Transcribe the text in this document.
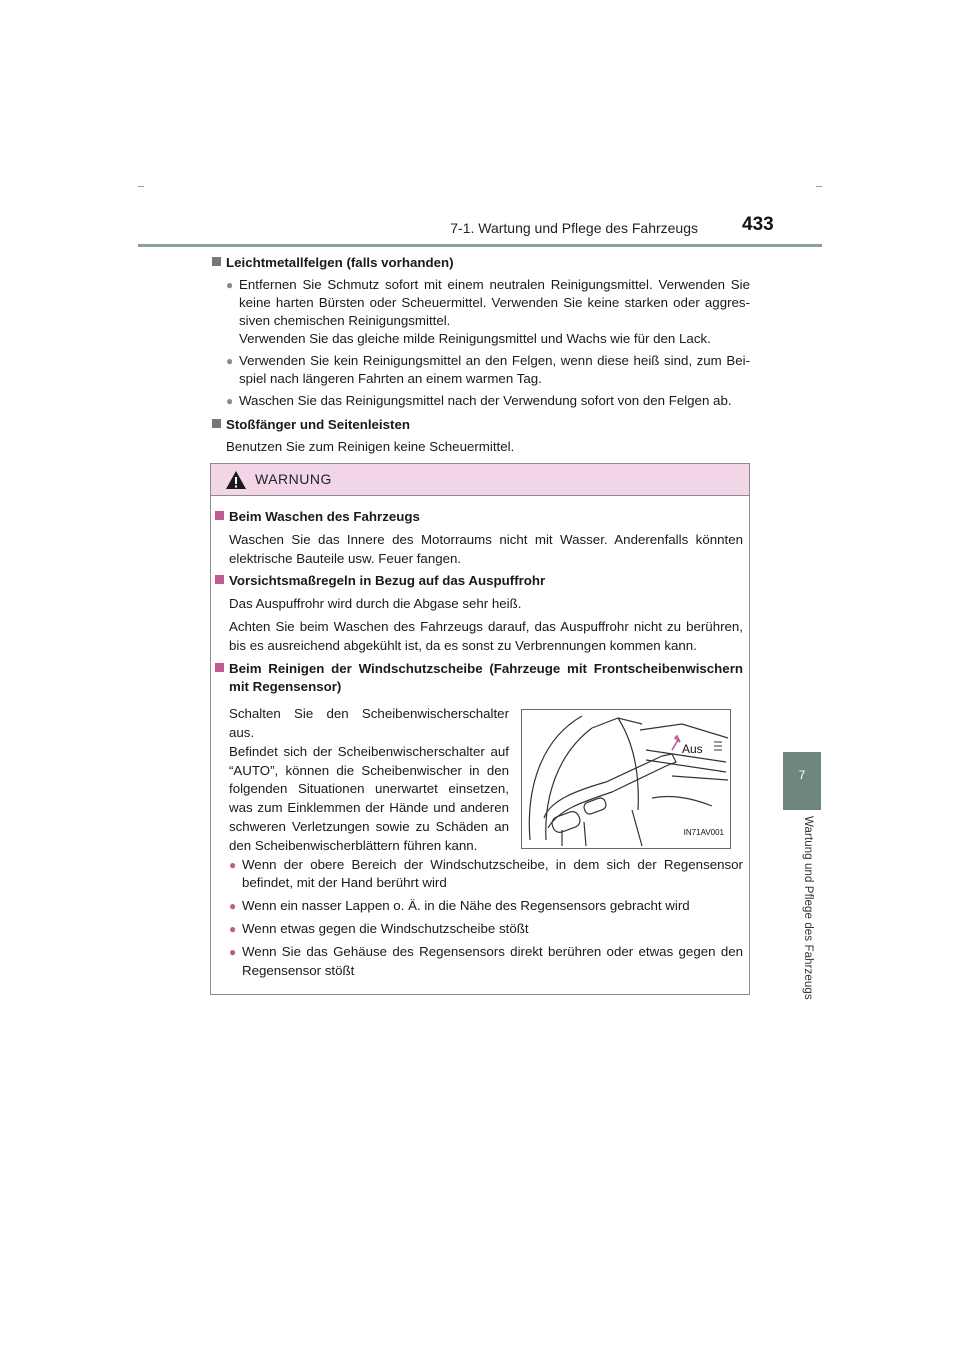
7-1. Wartung und Pflege des Fahrzeugs 433
7
Wartung und Pflege des Fahrzeugs
Leichtmetallfelgen (falls vorhanden)
● Entfernen Sie Schmutz sofort mit einem neutralen Reinigungsmittel. Verwenden Sie keine harten Bürsten oder Scheuermittel. Verwenden Sie keine starken oder aggressiven chemischen Reinigungsmittel.
Verwenden Sie das gleiche milde Reinigungsmittel und Wachs wie für den Lack.
● Verwenden Sie kein Reinigungsmittel an den Felgen, wenn diese heiß sind, zum Beispiel nach längeren Fahrten an einem warmen Tag.
● Waschen Sie das Reinigungsmittel nach der Verwendung sofort von den Felgen ab.
Stoßfänger und Seitenleisten
Benutzen Sie zum Reinigen keine Scheuermittel.
WARNUNG
Beim Waschen des Fahrzeugs
Waschen Sie das Innere des Motorraums nicht mit Wasser. Anderenfalls könnten elektrische Bauteile usw. Feuer fangen.
Vorsichtsmaßregeln in Bezug auf das Auspuffrohr
Das Auspuffrohr wird durch die Abgase sehr heiß.
Achten Sie beim Waschen des Fahrzeugs darauf, das Auspuffrohr nicht zu berühren, bis es ausreichend abgekühlt ist, da es sonst zu Verbrennungen kommen kann.
Beim Reinigen der Windschutzscheibe (Fahrzeuge mit Frontscheibenwischern mit Regensensor)
Schalten Sie den Scheibenwischerschalter aus.
Befindet sich der Scheibenwischerschalter auf “AUTO”, können die Scheibenwischer in den folgenden Situationen unerwartet einsetzen, was zum Einklemmen der Hände und anderen schweren Verletzungen sowie zu Schäden an den Scheibenwischerblättern führen kann.
Aus
IN71AV001
● Wenn der obere Bereich der Windschutzscheibe, in dem sich der Regensensor befindet, mit der Hand berührt wird
● Wenn ein nasser Lappen o. Ä. in die Nähe des Regensensors gebracht wird
● Wenn etwas gegen die Windschutzscheibe stößt
● Wenn Sie das Gehäuse des Regensensors direkt berühren oder etwas gegen den Regensensor stößt
